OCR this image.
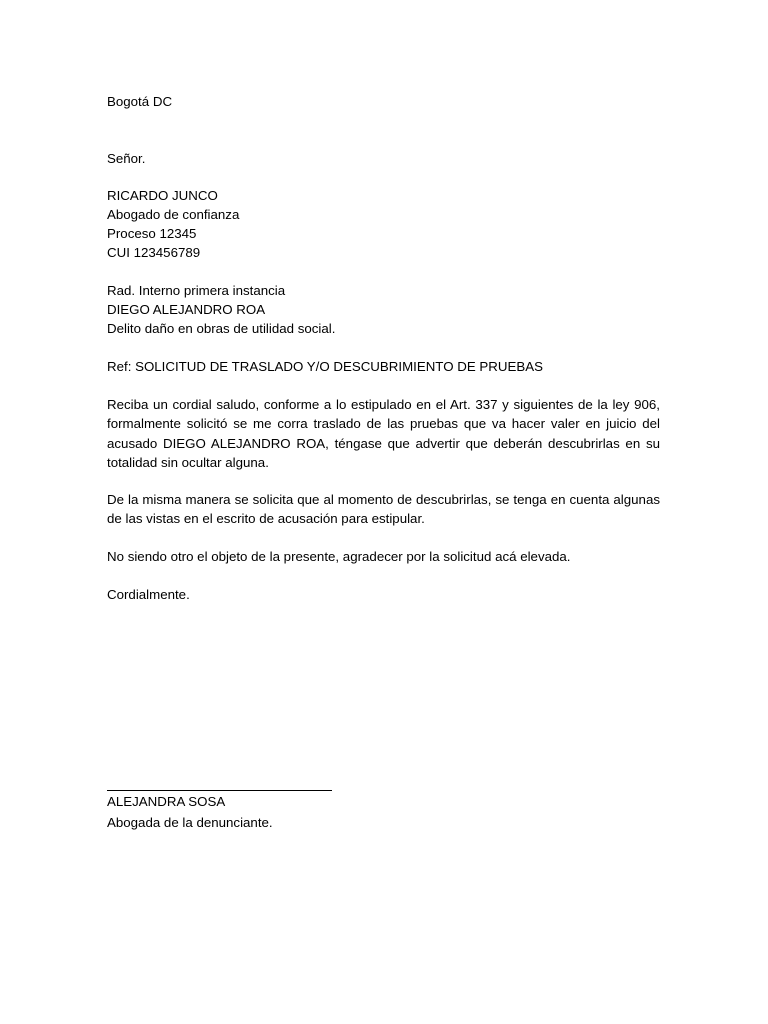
Bogotá DC
Señor.
RICARDO JUNCO
Abogado de confianza
Proceso 12345
CUI 123456789
Rad. Interno primera instancia
DIEGO ALEJANDRO ROA
Delito daño en obras de utilidad social.
Ref: SOLICITUD DE TRASLADO Y/O DESCUBRIMIENTO DE PRUEBAS
Reciba un cordial saludo, conforme a lo estipulado en el Art. 337 y siguientes de la ley 906, formalmente solicitó se me corra traslado de las pruebas que va hacer valer en juicio del acusado DIEGO ALEJANDRO ROA, téngase que advertir que deberán descubrirlas en su totalidad sin ocultar alguna.
De la misma manera se solicita que al momento de descubrirlas, se tenga en cuenta algunas de las vistas en el escrito de acusación para estipular.
No siendo otro el objeto de la presente, agradecer por la solicitud acá elevada.
Cordialmente.
ALEJANDRA SOSA
Abogada de la denunciante.
